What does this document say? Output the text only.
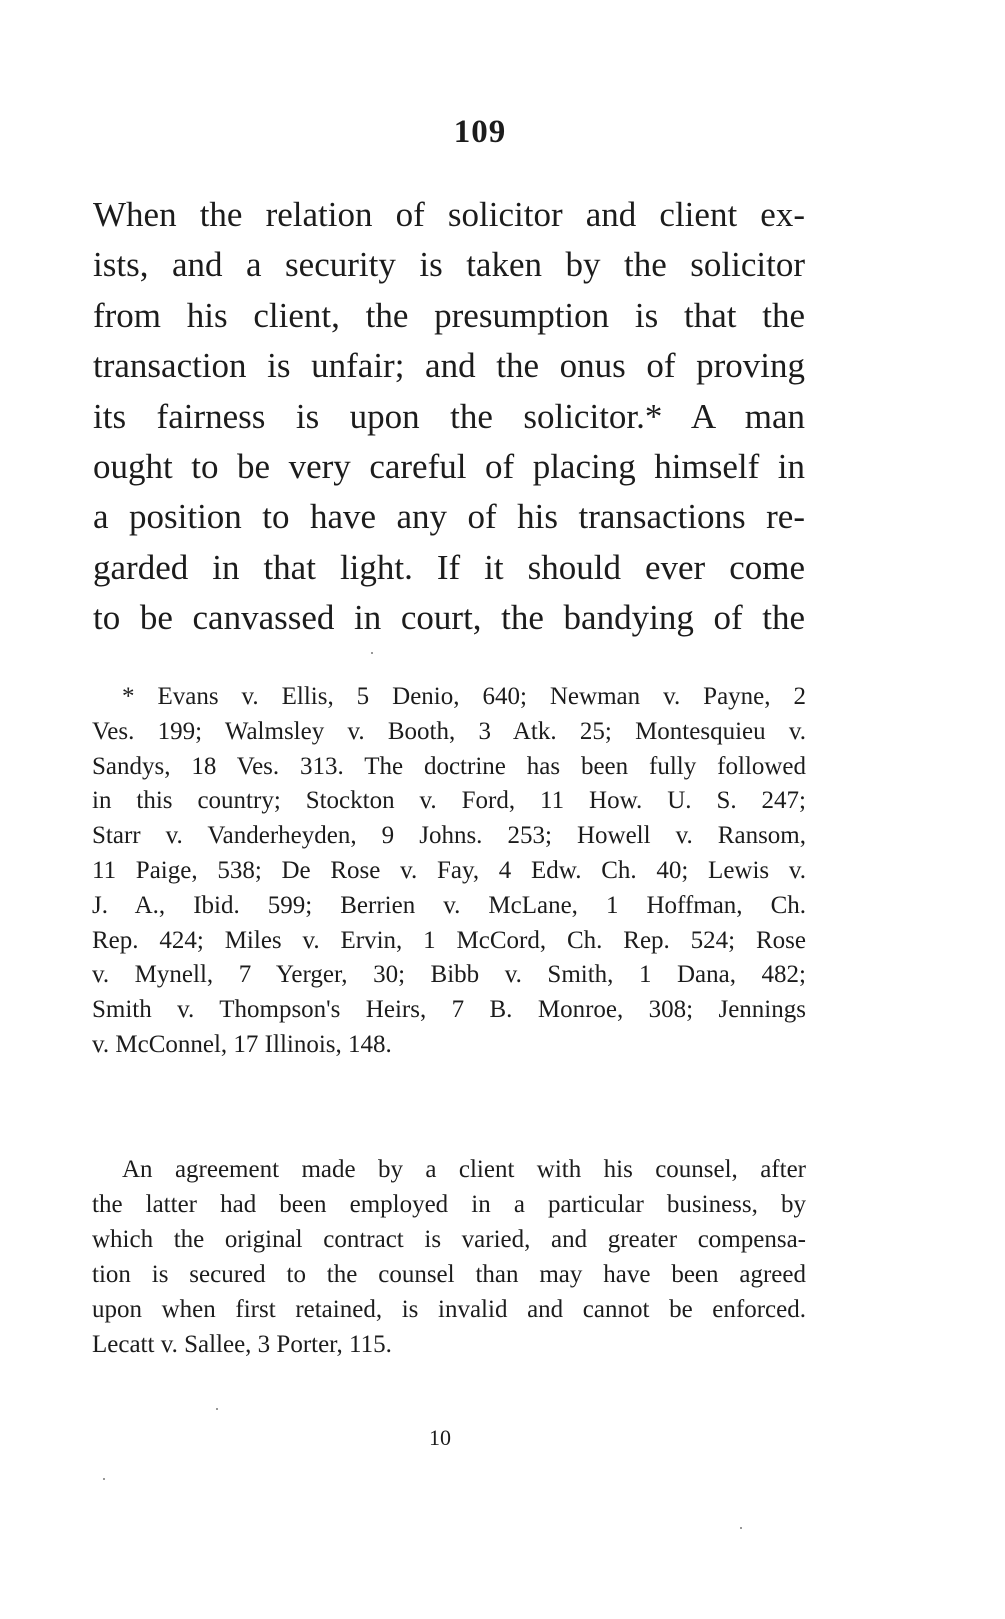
109
When the relation of solicitor and client ex-
ists, and a security is taken by the solicitor
from his client, the presumption is that the
transaction is unfair; and the onus of proving
its fairness is upon the solicitor.* A man
ought to be very careful of placing himself in
a position to have any of his transactions re-
garded in that light. If it should ever come
to be canvassed in court, the bandying of the
* Evans v. Ellis, 5 Denio, 640; Newman v. Payne, 2
Ves. 199; Walmsley v. Booth, 3 Atk. 25; Montesquieu v.
Sandys, 18 Ves. 313. The doctrine has been fully followed
in this country; Stockton v. Ford, 11 How. U. S. 247;
Starr v. Vanderheyden, 9 Johns. 253; Howell v. Ransom,
11 Paige, 538; De Rose v. Fay, 4 Edw. Ch. 40; Lewis v.
J. A., Ibid. 599; Berrien v. McLane, 1 Hoffman, Ch.
Rep. 424; Miles v. Ervin, 1 McCord, Ch. Rep. 524; Rose
v. Mynell, 7 Yerger, 30; Bibb v. Smith, 1 Dana, 482;
Smith v. Thompson's Heirs, 7 B. Monroe, 308; Jennings
v. McConnel, 17 Illinois, 148.
An agreement made by a client with his counsel, after
the latter had been employed in a particular business, by
which the original contract is varied, and greater compensa-
tion is secured to the counsel than may have been agreed
upon when first retained, is invalid and cannot be enforced.
Lecatt v. Sallee, 3 Porter, 115.
10
